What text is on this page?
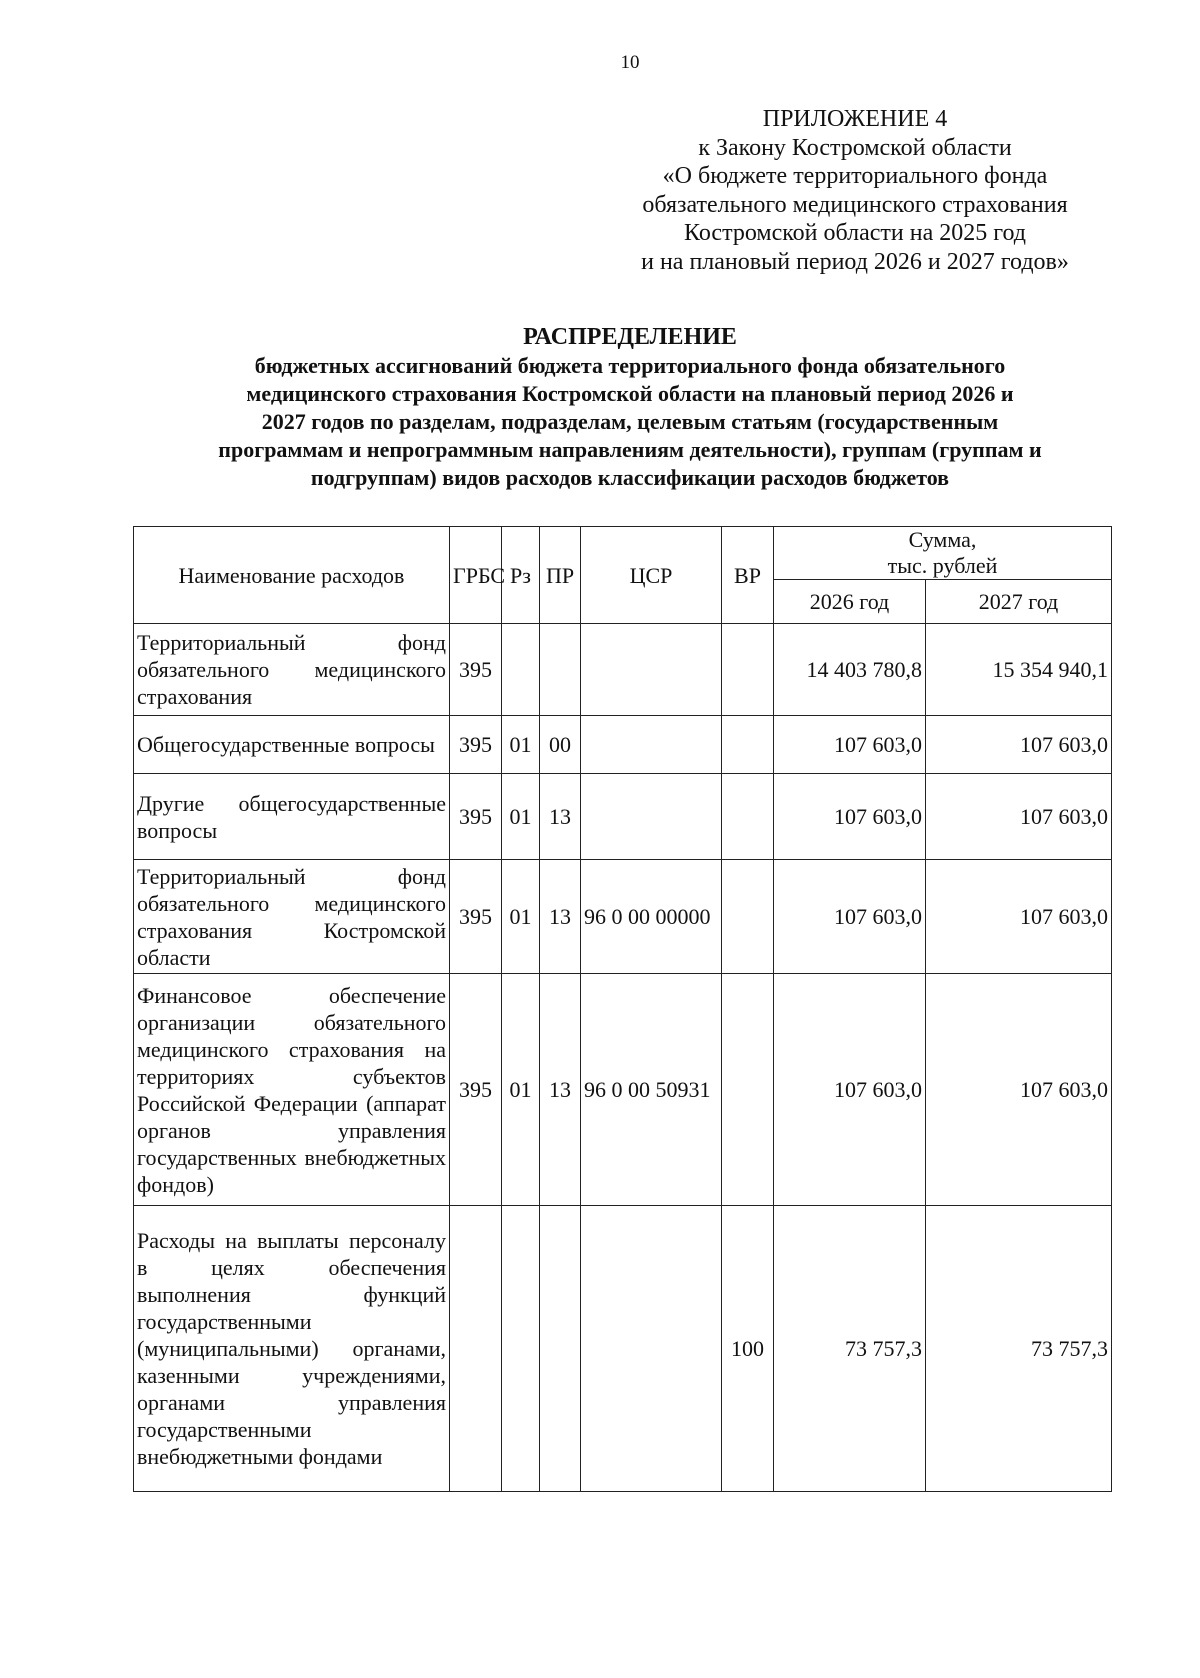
10
ПРИЛОЖЕНИЕ 4
к Закону Костромской области
«О бюджете территориального фонда
обязательного медицинского страхования
Костромской области на 2025 год
и на плановый период 2026 и 2027 годов»
РАСПРЕДЕЛЕНИЕ
бюджетных ассигнований бюджета территориального фонда обязательного
медицинского страхования Костромской области на плановый период 2026 и
2027 годов по разделам, подразделам, целевым статьям (государственным
программам и непрограммным направлениям деятельности), группам (группам и
подгруппам) видов расходов классификации расходов бюджетов
Наименование расходов	ГРБС	Рз	ПР	ЦСР	ВР	Сумма,
тыс. рублей	
						2026 год	2027 год
Территориальный фонд обязательного медицинского страхования	395					14 403 780,8	15 354 940,1
Общегосударственные вопросы	395	01	00			107 603,0	107 603,0
Другие общегосударственные вопросы	395	01	13			107 603,0	107 603,0
Территориальный фонд обязательного медицинского страхования Костромской области	395	01	13	96 0 00 00000		107 603,0	107 603,0
Финансовое обеспечение организации обязательного медицинского страхования на территориях субъектов Российской Федерации (аппарат органов управления государственных внебюджетных фондов)	395	01	13	96 0 00 50931		107 603,0	107 603,0
Расходы на выплаты персоналу в целях обеспечения выполнения функций государственными (муниципальными) органами, казенными учреждениями, органами управления государственными внебюджетными фондами					100	73 757,3	73 757,3
